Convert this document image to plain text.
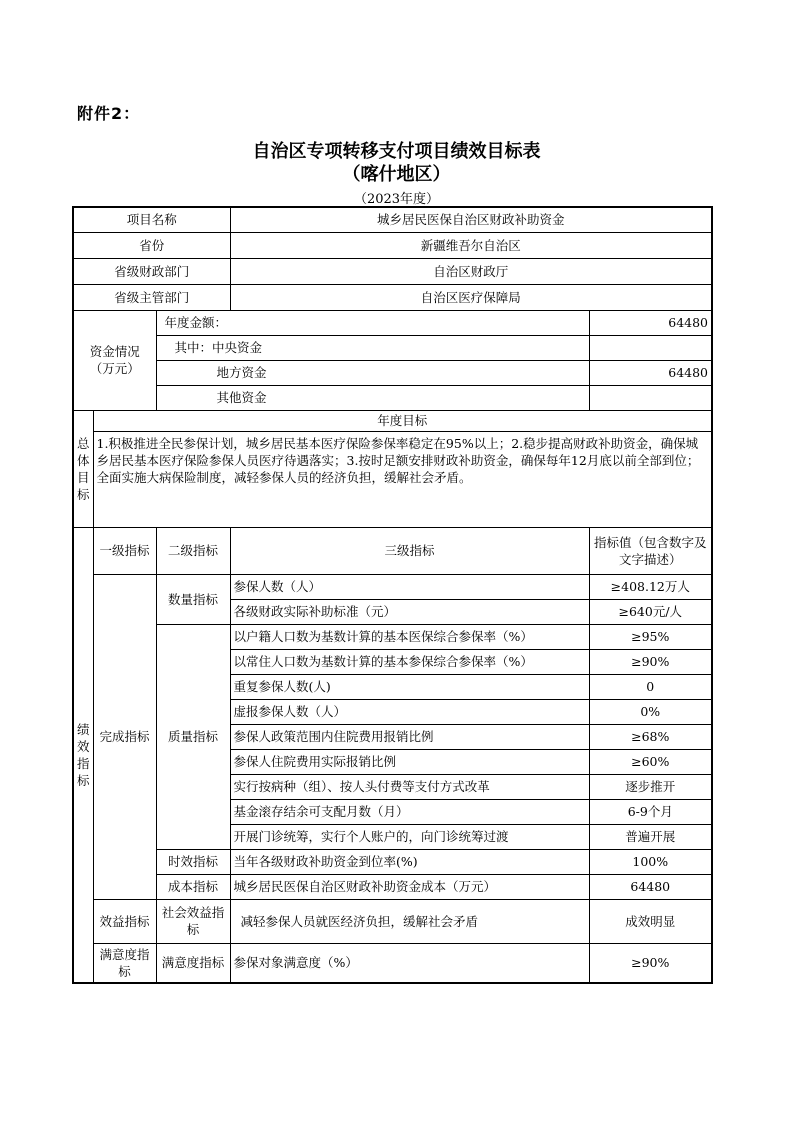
附件2：
自治区专项转移支付项目绩效目标表
（喀什地区）
（2023年度）
项目名称			城乡居民医保自治区财政补助资金	
省份			新疆维吾尔自治区	
省级财政部门			自治区财政厅	
省级主管部门			自治区医疗保障局	
资金情况（万元）		年度金额：		64480
		其中：中央资金		
		地方资金		64480
		其他资金		
总体目标	年度目标			
	1.积极推进全民参保计划，城乡居民基本医疗保险参保率稳定在95%以上；2.稳步提高财政补助资金，确保城乡居民基本医疗保险参保人员医疗待遇落实；3.按时足额安排财政补助资金，确保每年12月底以前全部到位；全面实施大病保险制度，减轻参保人员的经济负担，缓解社会矛盾。			
绩效指标	一级指标	二级指标	三级指标	指标值（包含数字及文字描述）
	完成指标	数量指标	参保人数（人）	≥408.12万人
			各级财政实际补助标准（元）	≥640元/人
		质量指标	以户籍人口数为基数计算的基本医保综合参保率（%）	≥95%
			以常住人口数为基数计算的基本参保综合参保率（%）	≥90%
			重复参保人数(人)	0
			虚报参保人数（人）	0%
			参保人政策范围内住院费用报销比例	≥68%
			参保人住院费用实际报销比例	≥60%
			实行按病种（组）、按人头付费等支付方式改革	逐步推开
			基金滚存结余可支配月数（月）	6-9个月
			开展门诊统筹，实行个人账户的，向门诊统筹过渡	普遍开展
		时效指标	当年各级财政补助资金到位率(%)	100%
		成本指标	城乡居民医保自治区财政补助资金成本（万元）	64480
	效益指标	社会效益指标	减轻参保人员就医经济负担，缓解社会矛盾	成效明显
	满意度指标	满意度指标	参保对象满意度（%）	≥90%
